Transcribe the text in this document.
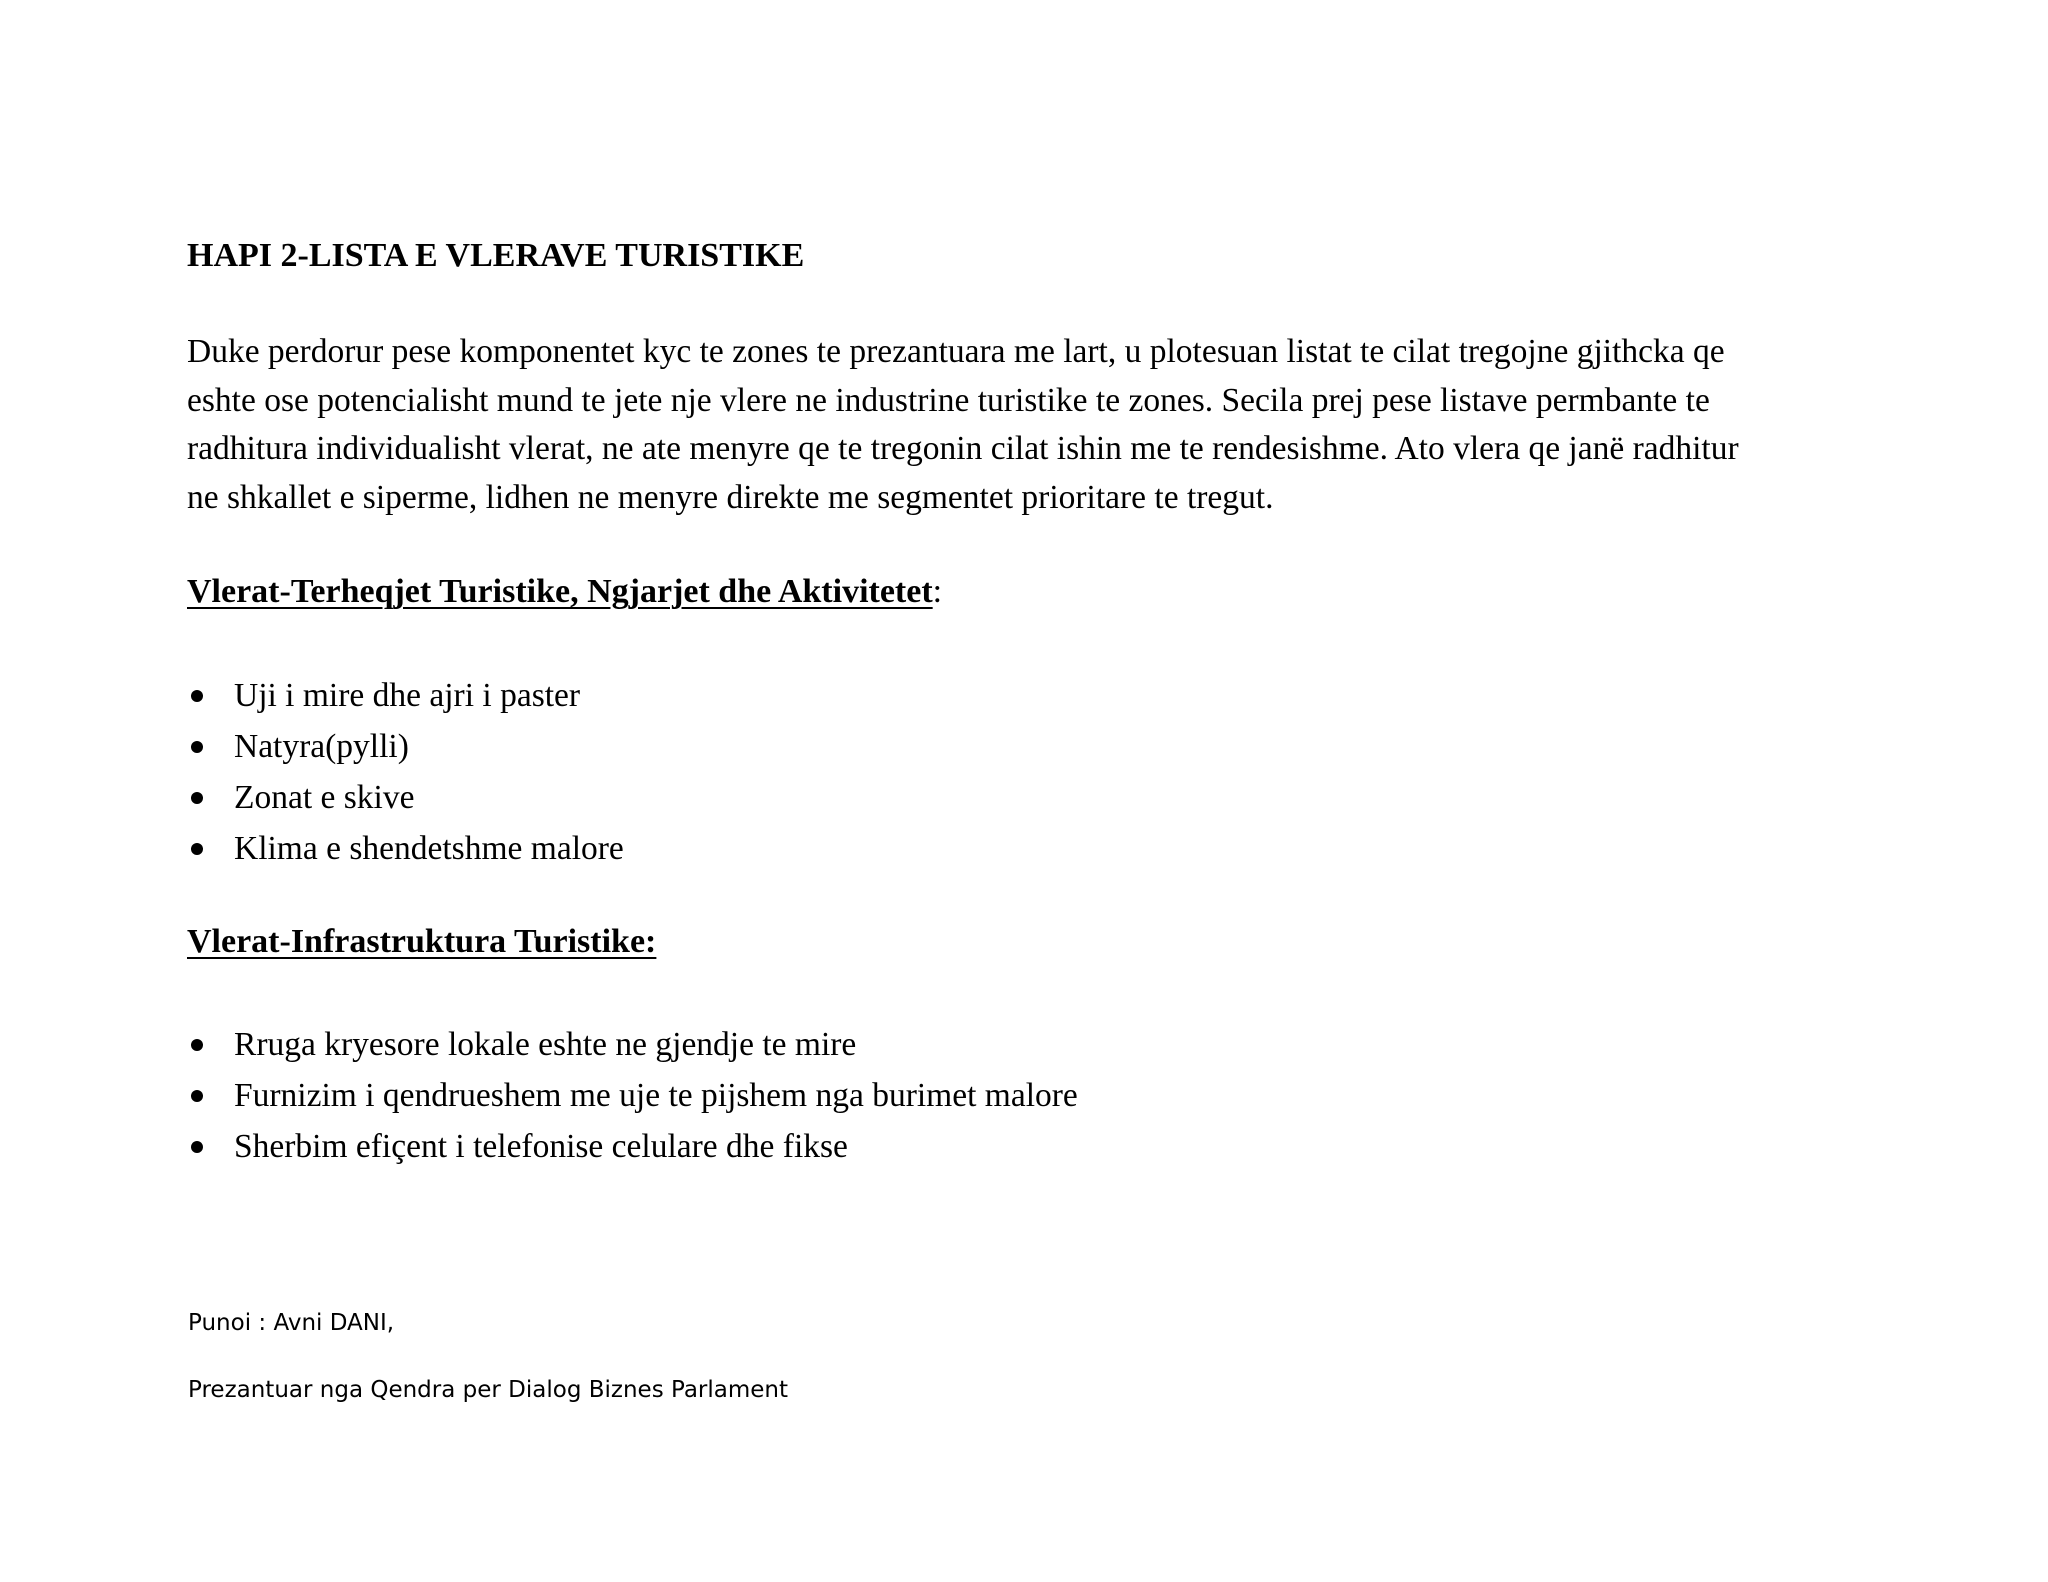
HAPI 2-LISTA E VLERAVE TURISTIKE

Duke perdorur pese komponentet kyc te zones te prezantuara me lart, u plotesuan listat te cilat tregojne gjithcka qe
eshte ose potencialisht mund te jete nje vlere ne industrine turistike te zones. Secila prej pese listave permbante te
radhitura individualisht vlerat, ne ate menyre qe te tregonin cilat ishin me te rendesishme. Ato vlera qe janë radhitur
ne shkallet e siperme, lidhen ne menyre direkte me segmentet prioritare te tregut.

Vlerat-Terheqjet Turistike, Ngjarjet dhe Aktivitetet:
Uji i mire dhe ajri i paster
Natyra(pylli)
Zonat e skive
Klima e shendetshme malore
Vlerat-Infrastruktura Turistike:
Rruga kryesore lokale eshte ne gjendje te mire
Furnizim i qendrueshem me uje te pijshem nga burimet malore
Sherbim efiçent i telefonise celulare dhe fikse

Punoi : Avni DANI,

Prezantuar nga Qendra per Dialog Biznes Parlament
